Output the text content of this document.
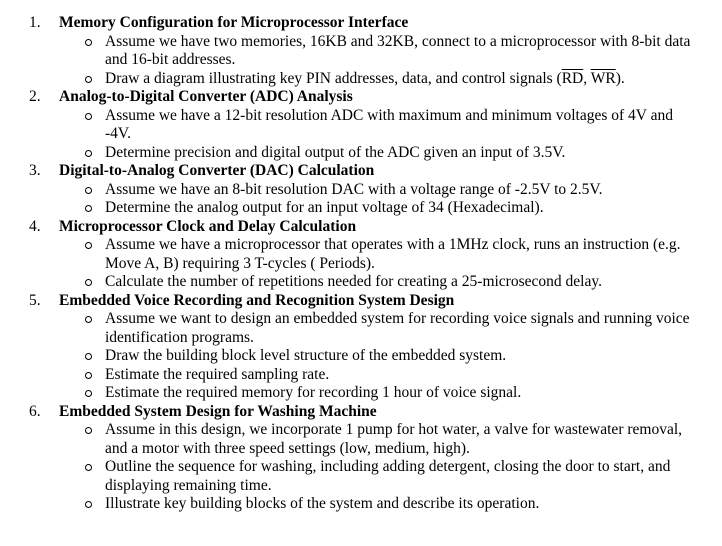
1.	Memory Configuration for Microprocessor Interface
Assume we have two memories, 16KB and 32KB, connect to a microprocessor with 8-bit data and 16-bit addresses.
Draw a diagram illustrating key PIN addresses, data, and control signals ($\overline{RD}$, $\overline{WR}$).
2.	Analog-to-Digital Converter (ADC) Analysis
Assume we have a 12-bit resolution ADC with maximum and minimum voltages of 4V and -4V.
Determine precision and digital output of the ADC given an input of 3.5V.
3.	Digital-to-Analog Converter (DAC) Calculation
Assume we have an 8-bit resolution DAC with a voltage range of -2.5V to 2.5V.
Determine the analog output for an input voltage of 34 (Hexadecimal).
4.	Microprocessor Clock and Delay Calculation
Assume we have a microprocessor that operates with a 1MHz clock, runs an instruction (e.g. Move A, B) requiring 3 T-cycles ( Periods).
Calculate the number of repetitions needed for creating a 25-microsecond delay.
5.	Embedded Voice Recording and Recognition System Design
Assume we want to design an embedded system for recording voice signals and running voice identification programs.
Draw the building block level structure of the embedded system.
Estimate the required sampling rate.
Estimate the required memory for recording 1 hour of voice signal.
6.	Embedded System Design for Washing Machine
Assume in this design, we incorporate 1 pump for hot water, a valve for wastewater removal, and a motor with three speed settings (low, medium, high).
Outline the sequence for washing, including adding detergent, closing the door to start, and displaying remaining time.
Illustrate key building blocks of the system and describe its operation.
